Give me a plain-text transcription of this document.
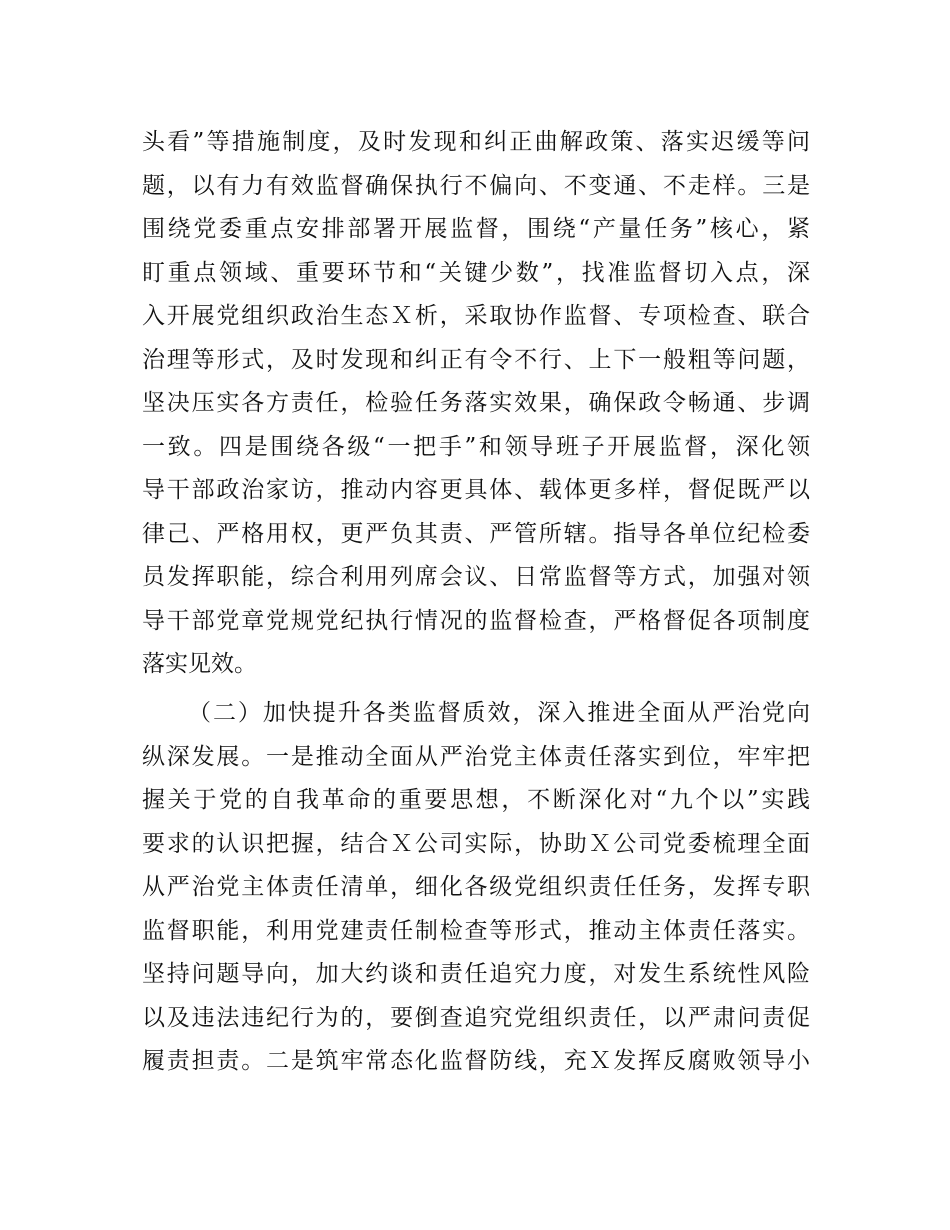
头看”等措施制度，及时发现和纠正曲解政策、落实迟缓等问
题，以有力有效监督确保执行不偏向、不变通、不走样。三是
围绕党委重点安排部署开展监督，围绕“产量任务”核心，紧
盯重点领域、重要环节和“关键少数”，找准监督切入点，深
入开展党组织政治生态Ｘ析，采取协作监督、专项检查、联合
治理等形式，及时发现和纠正有令不行、上下一般粗等问题，
坚决压实各方责任，检验任务落实效果，确保政令畅通、步调
一致。四是围绕各级“一把手”和领导班子开展监督，深化领
导干部政治家访，推动内容更具体、载体更多样，督促既严以
律己、严格用权，更严负其责、严管所辖。指导各单位纪检委
员发挥职能，综合利用列席会议、日常监督等方式，加强对领
导干部党章党规党纪执行情况的监督检查，严格督促各项制度
落实见效。
（二）加快提升各类监督质效，深入推进全面从严治党向
纵深发展。一是推动全面从严治党主体责任落实到位，牢牢把
握关于党的自我革命的重要思想，不断深化对“九个以”实践
要求的认识把握，结合Ｘ公司实际，协助Ｘ公司党委梳理全面
从严治党主体责任清单，细化各级党组织责任任务，发挥专职
监督职能，利用党建责任制检查等形式，推动主体责任落实。
坚持问题导向，加大约谈和责任追究力度，对发生系统性风险
以及违法违纪行为的，要倒查追究党组织责任，以严肃问责促
履责担责。二是筑牢常态化监督防线，充Ｘ发挥反腐败领导小
